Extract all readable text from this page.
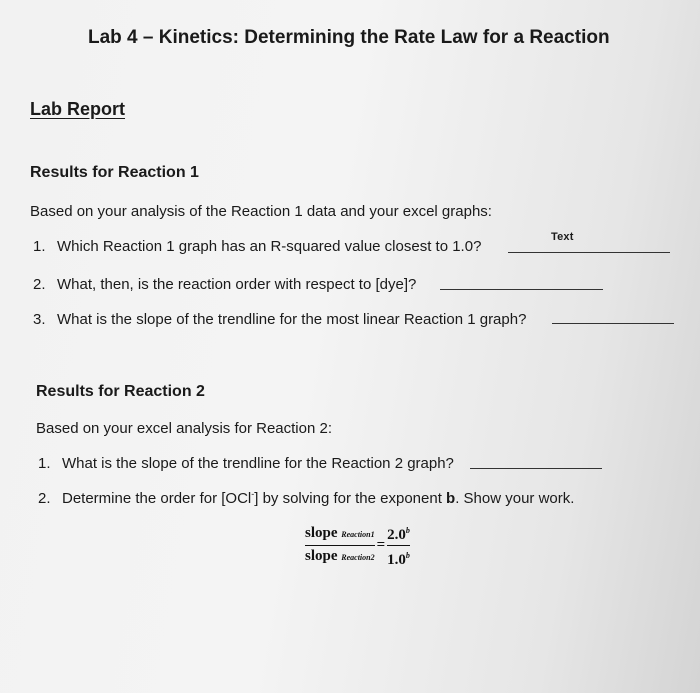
Lab 4 – Kinetics: Determining the Rate Law for a Reaction
Lab Report
Results for Reaction 1
Based on your analysis of the Reaction 1 data and your excel graphs:
1. Which Reaction 1 graph has an R-squared value closest to 1.0?
Text
2. What, then, is the reaction order with respect to [dye]?
3. What is the slope of the trendline for the most linear Reaction 1 graph?
Results for Reaction 2
Based on your excel analysis for Reaction 2:
1. What is the slope of the trendline for the Reaction 2 graph?
2. Determine the order for [OCl-] by solving for the exponent b. Show your work.
$\frac{\text{slope Reaction1}}{\text{slope Reaction2}} = \frac{2.0^b}{1.0^b}$
